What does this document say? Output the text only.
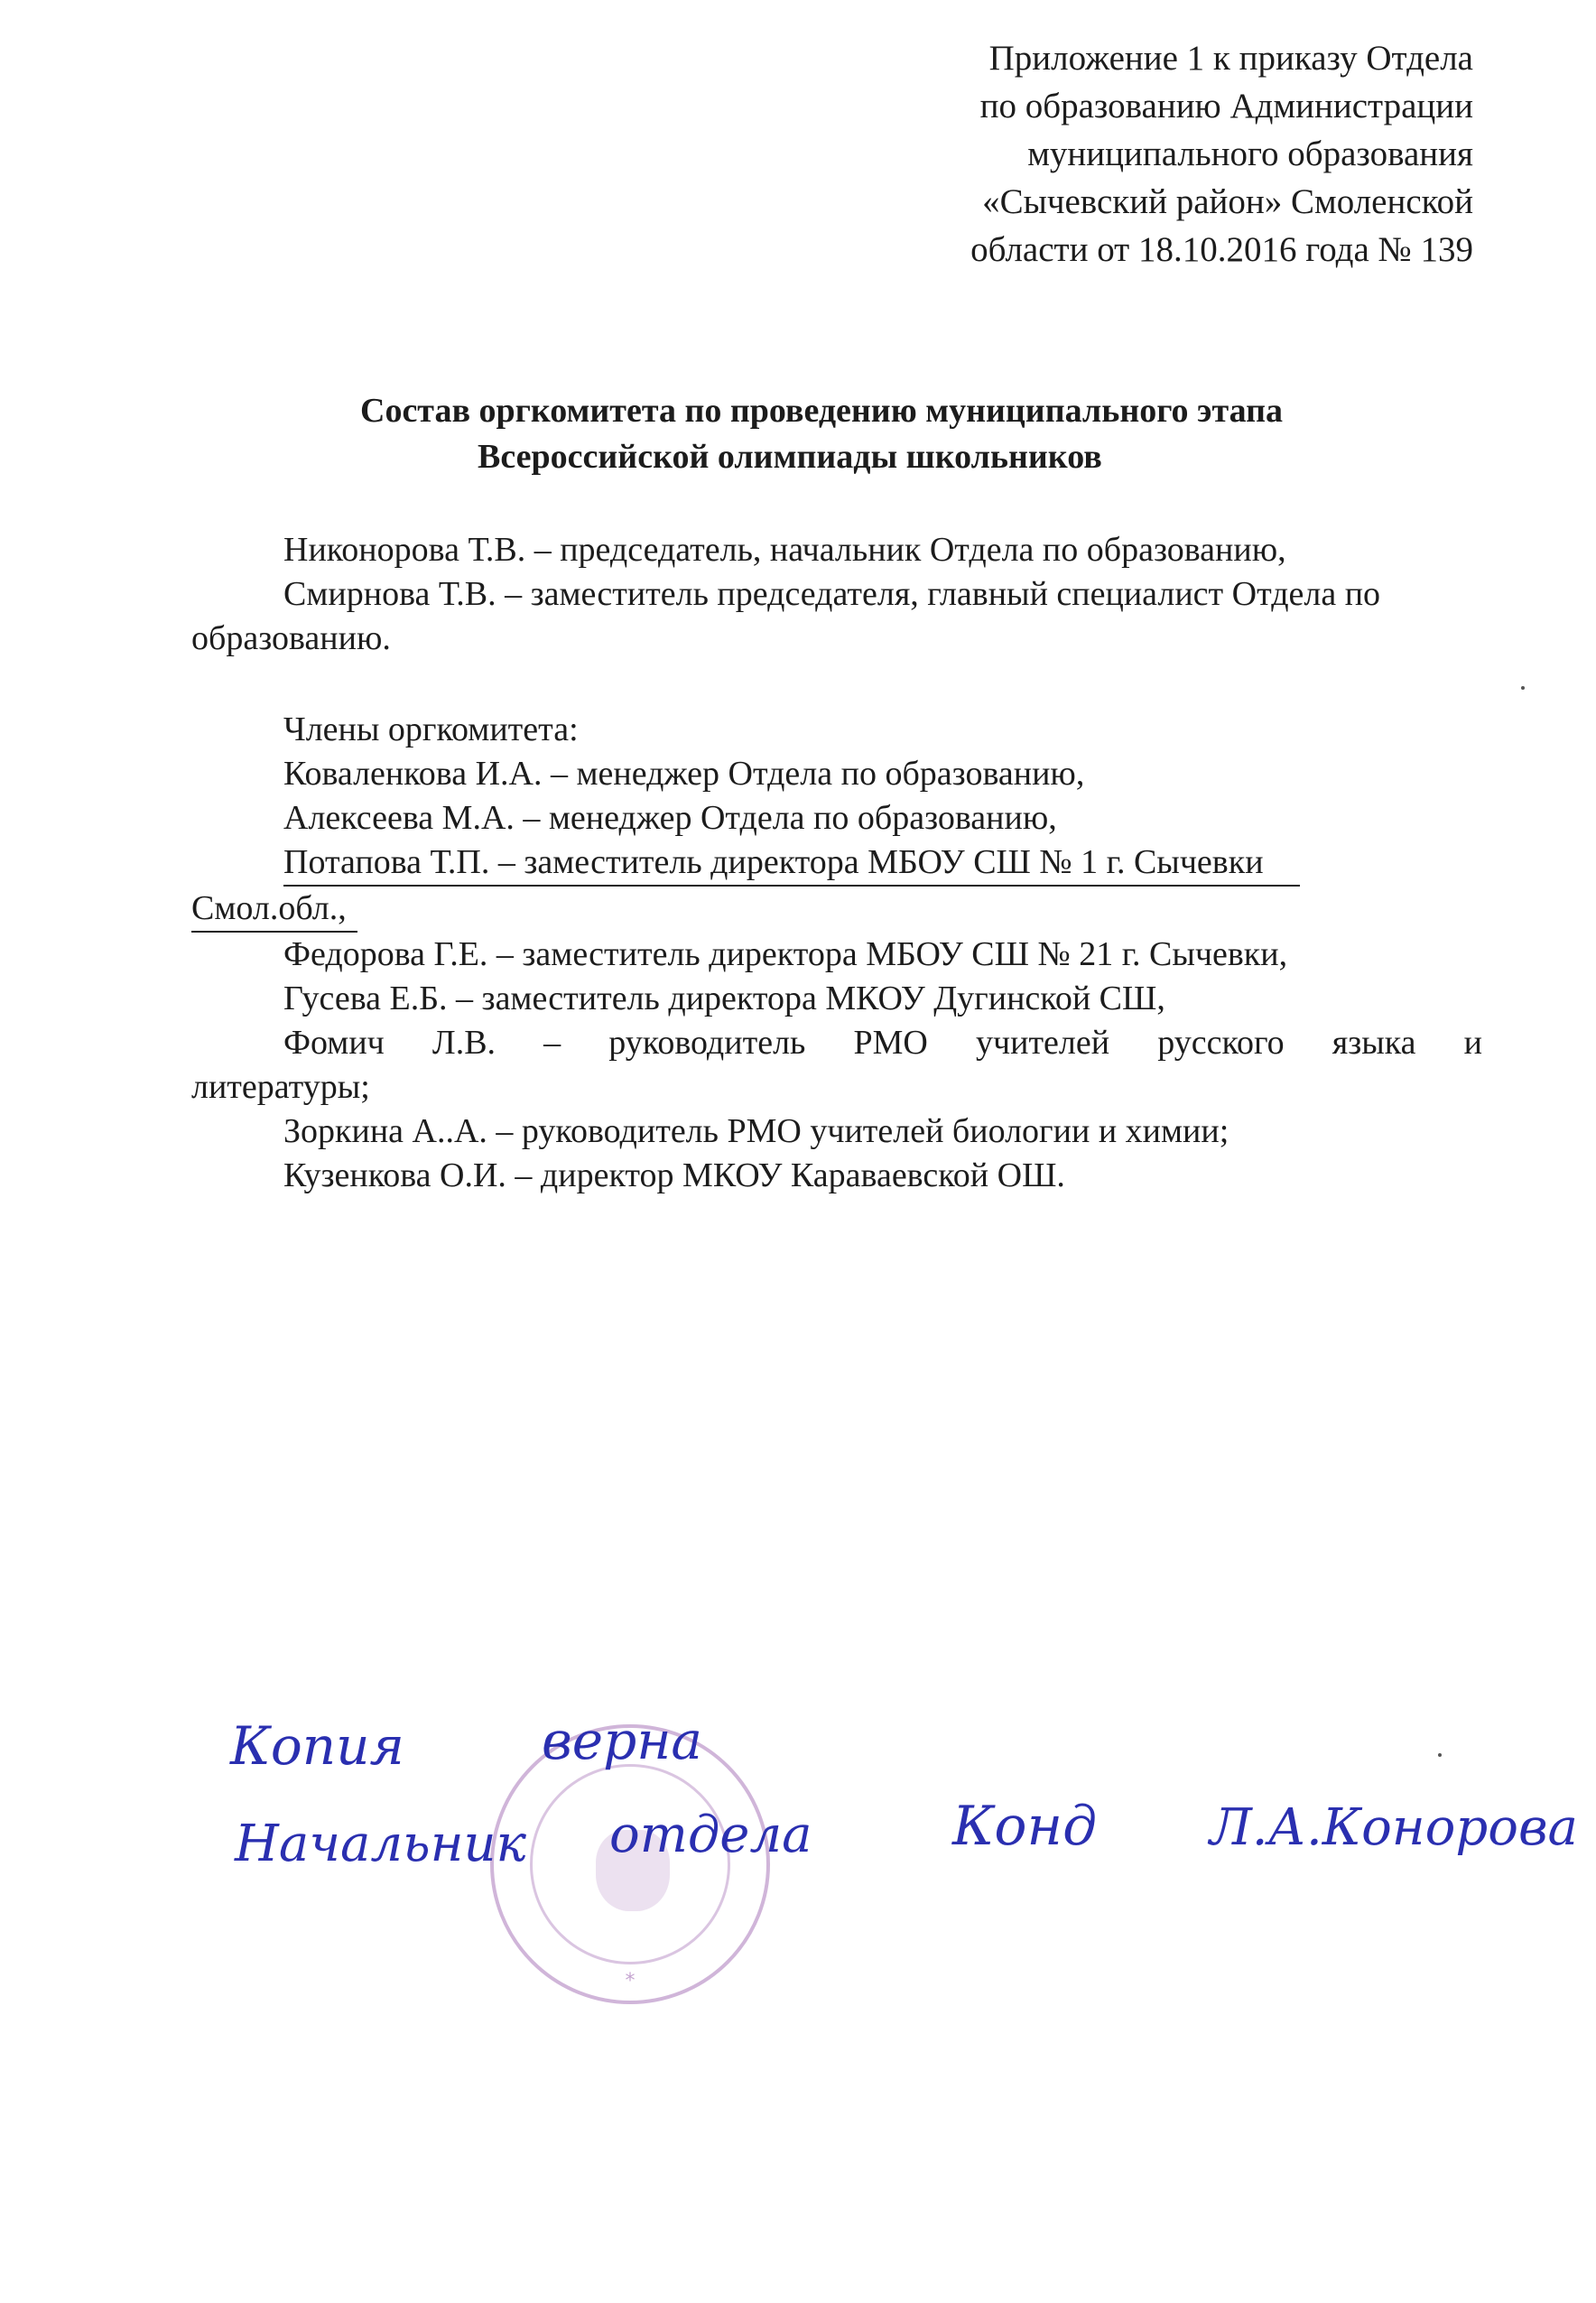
Приложение 1 к приказу Отдела
по образованию Администрации
муниципального образования
«Сычевский район» Смоленской
области от 18.10.2016 года № 139
Состав оргкомитета по проведению муниципального этапа
Всероссийской олимпиады школьников

Никонорова Т.В. – председатель, начальник Отдела по образованию,

Смирнова Т.В. – заместитель председателя, главный специалист Отдела по образованию.

Члены оргкомитета:

Коваленкова И.А. – менеджер Отдела по образованию,

Алексеева М.А. – менеджер Отдела по образованию,

Потапова Т.П. – заместитель директора МБОУ СШ № 1 г. Сычевки

Смол.обл.,

Федорова Г.Е. – заместитель директора МБОУ СШ № 21 г. Сычевки,

Гусева Е.Б. – заместитель директора МКОУ Дугинской СШ,

Фомич Л.В. – руководитель РМО учителей русского языка и

литературы;

Зоркина А..А. – руководитель РМО учителей биологии и химии;

Кузенкова О.И. – директор МКОУ Караваевской ОШ.

*
Копия	верна
Начальник отдела	Конд Л.А.Конорова
